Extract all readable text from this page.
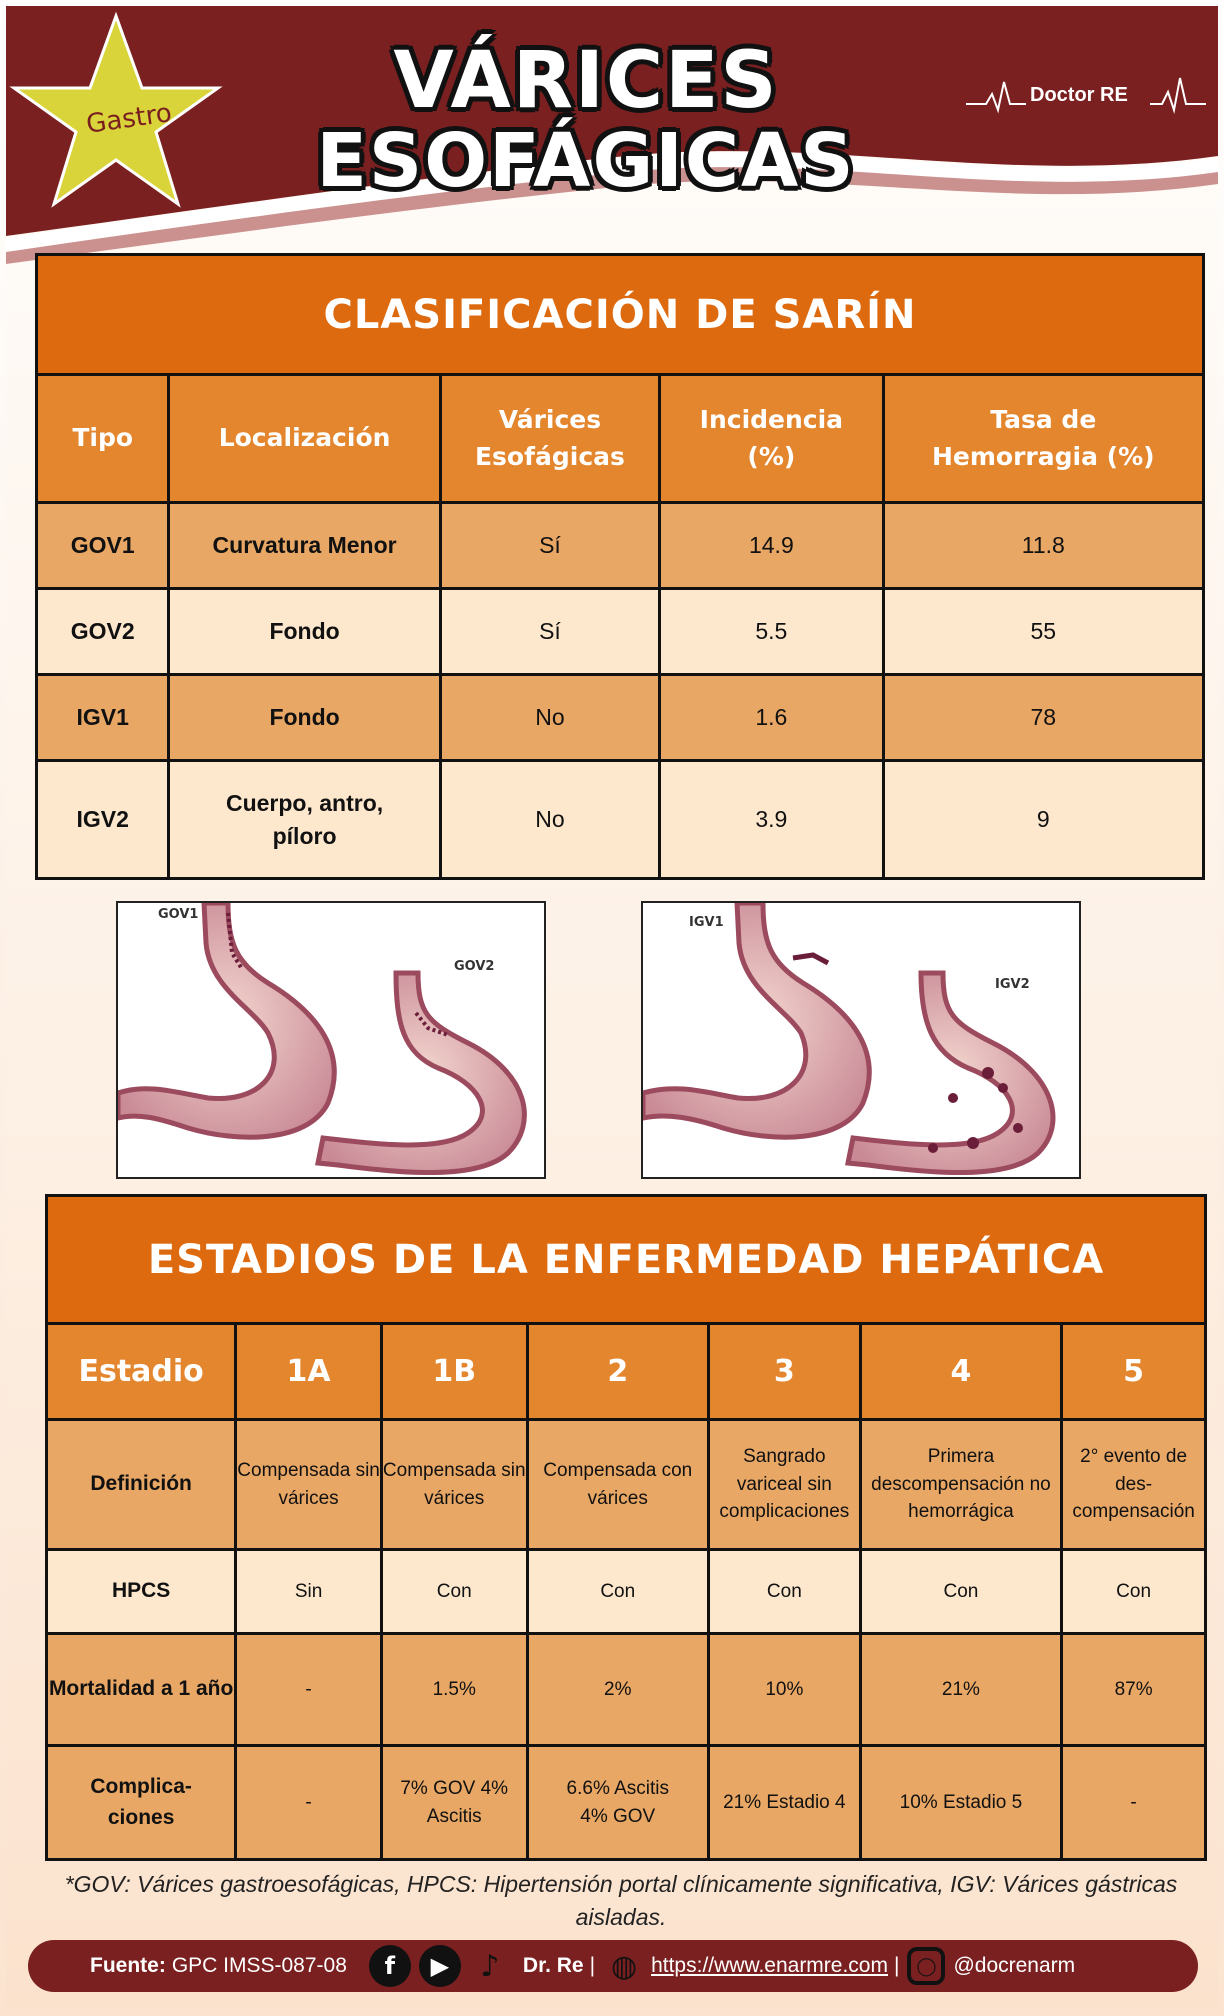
Gastro	VÁRICES
ESOFÁGICAS
Doctor RE
CLASIFICACIÓN DE SARÍN				
Tipo	Localización	Várices Esofágicas	Incidencia (%)	Tasa de Hemorragia (%)
GOV1	Curvatura Menor	Sí	14.9	11.8
GOV2	Fondo	Sí	5.5	55
IGV1	Fondo	No	1.6	78
IGV2	Cuerpo, antro, píloro	No	3.9	9
GOV1
GOV2
IGV1
IGV2
ESTADIOS DE LA ENFERMEDAD HEPÁTICA						
Estadio	1A	1B	2	3	4	5
Definición	Compensada sin várices	Compensada sin várices	Compensada con várices	Sangrado variceal sin complicaciones	Primera descompensación no hemorrágica	2° evento de des-compensación
HPCS	Sin	Con	Con	Con	Con	Con
Mortalidad a 1 año	-	1.5%	2%	10%	21%	87%
Complica-ciones	-	7% GOV 4% Ascitis	6.6% Ascitis 4% GOV	21% Estadio 4	10% Estadio 5	-
*GOV: Várices gastroesofágicas, HPCS: Hipertensión portal clínicamente significativa, IGV: Várices gástricas aisladas.
Fuente: GPC IMSS-087-08	f	▶	♪	Dr. Re | ◍ https://www.enarmre.com | ◯ @docrenarm
